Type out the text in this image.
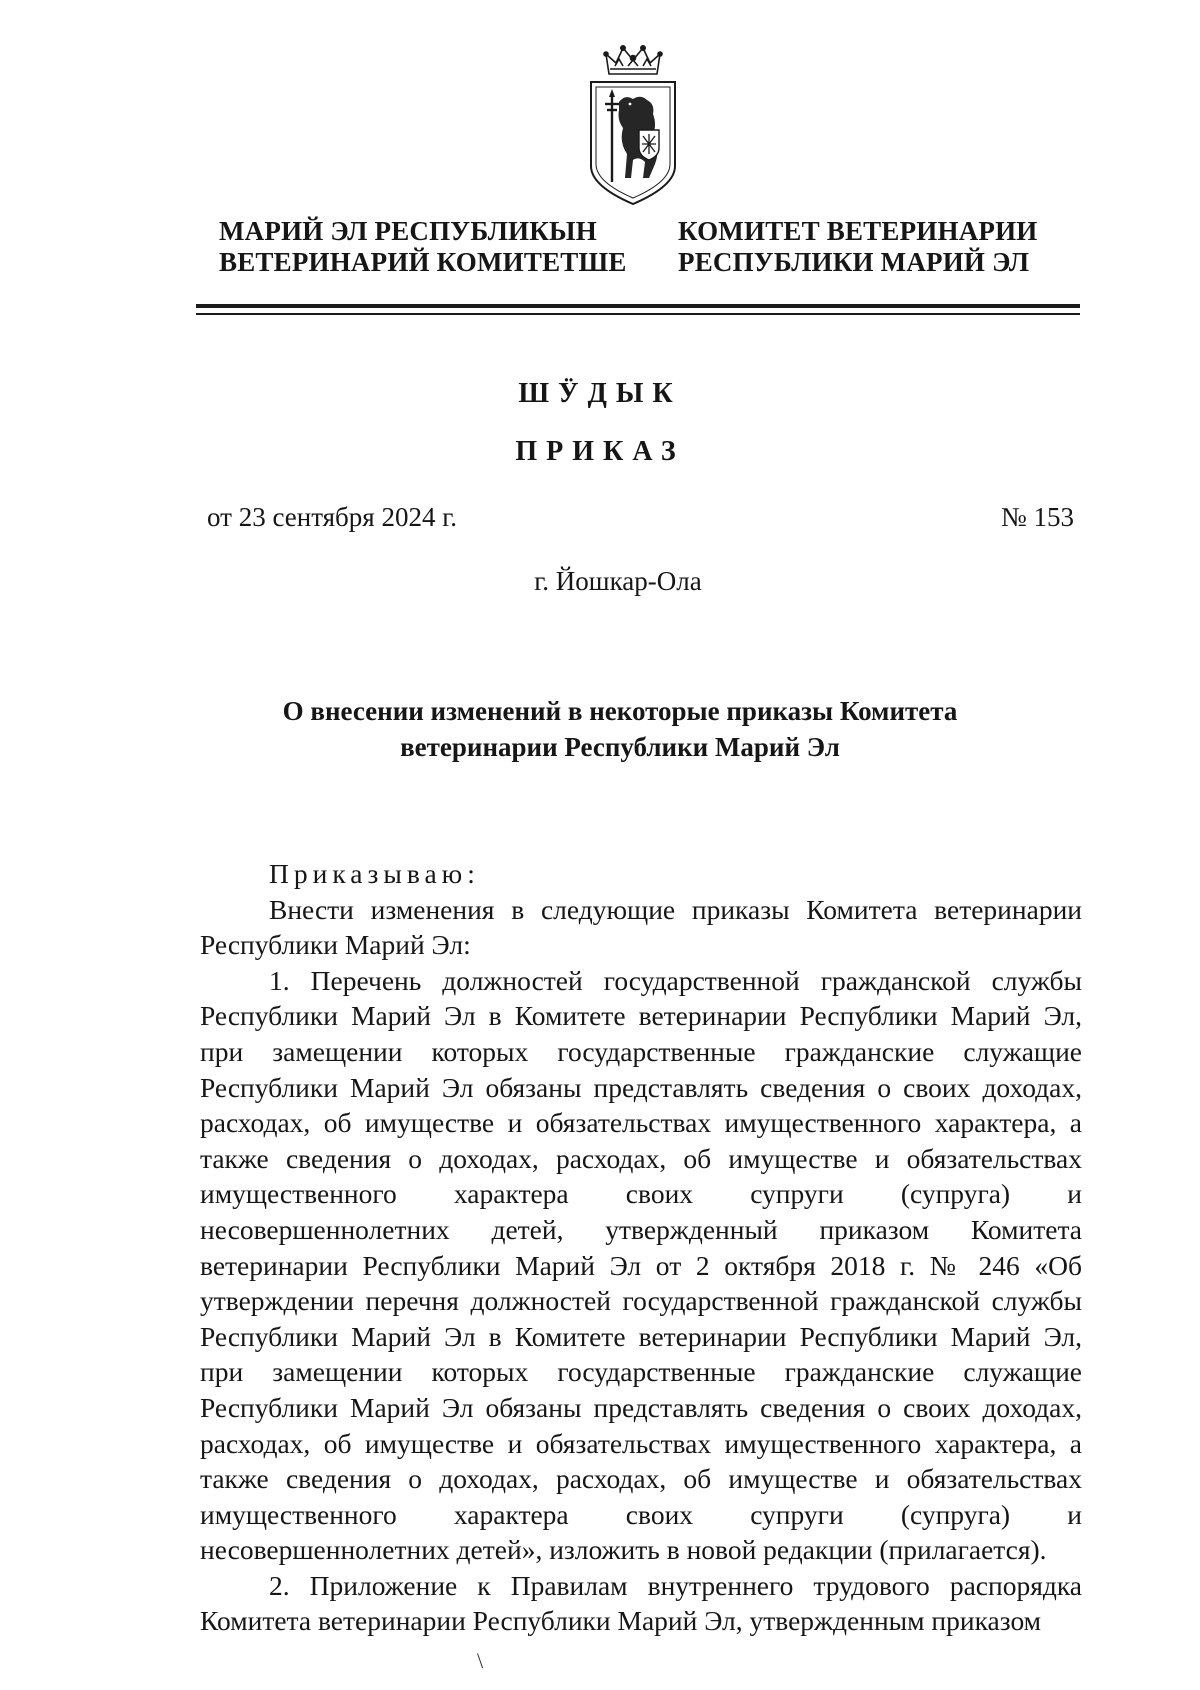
МАРИЙ ЭЛ РЕСПУБЛИКЫН
ВЕТЕРИНАРИЙ КОМИТЕТШЕ
КОМИТЕТ ВЕТЕРИНАРИИ
РЕСПУБЛИКИ МАРИЙ ЭЛ
ШӰДЫК
ПРИКАЗ
от 23 сентября 2024 г.	№ 153
г. Йошкар-Ола
О внесении изменений в некоторые приказы Комитета
ветеринарии Республики Марий Эл

Приказываю:

Внести изменения в следующие приказы Комитета ветеринарии Республики Марий Эл:

1. Перечень должностей государственной гражданской службы Республики Марий Эл в Комитете ветеринарии Республики Марий Эл, при замещении которых государственные гражданские служащие Республики Марий Эл обязаны представлять сведения о своих доходах, расходах, об имуществе и обязательствах имущественного характера, а также сведения о доходах, расходах, об имуществе и обязательствах имущественного характера своих супруги (супруга) и несовершеннолетних детей, утвержденный приказом Комитета ветеринарии Республики Марий Эл от 2 октября 2018 г. № 246 «Об утверждении перечня должностей государственной гражданской службы Республики Марий Эл в Комитете ветеринарии Республики Марий Эл, при замещении которых государственные гражданские служащие Республики Марий Эл обязаны представлять сведения о своих доходах, расходах, об имуществе и обязательствах имущественного характера, а также сведения о доходах, расходах, об имуществе и обязательствах имущественного характера своих супруги (супруга) и несовершеннолетних детей», изложить в новой редакции (прилагается).

2. Приложение к Правилам внутреннего трудового распорядка Комитета ветеринарии Республики Марий Эл, утвержденным приказом

\
